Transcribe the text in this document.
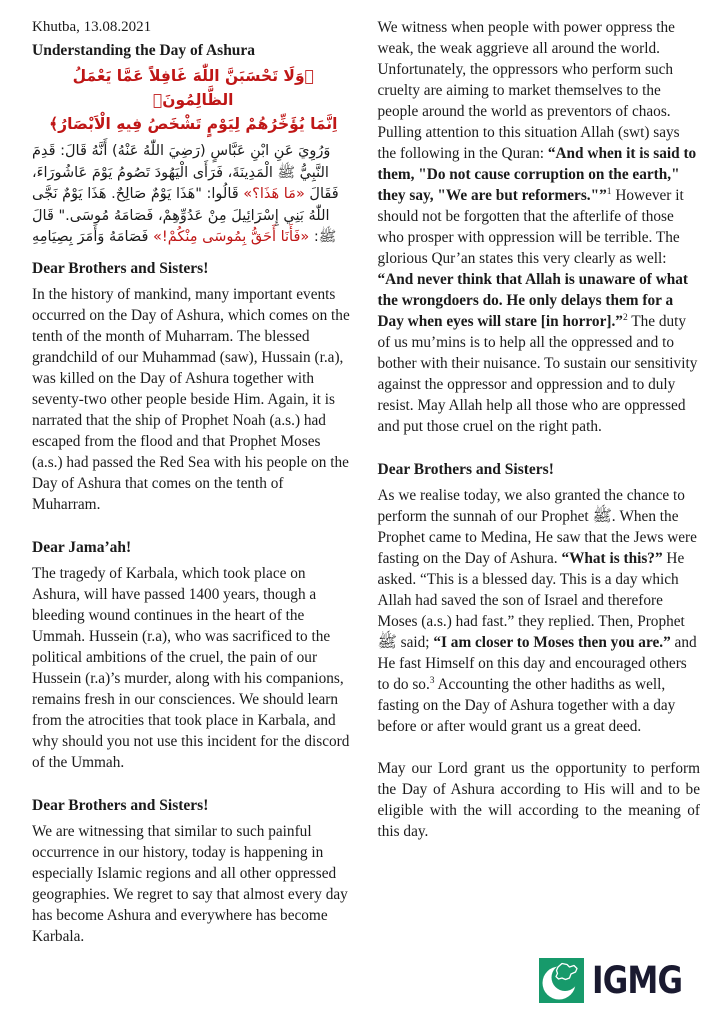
Khutba, 13.08.2021
Understanding the Day of Ashura
﴿وَلَا تَحْسَبَنَّ اللّٰهَ غَافِلاً عَمَّا يَعْمَلُ الظَّالِمُونَۚ
اِنَّمَا يُؤَخِّرُهُمْ لِيَوْمٍ تَشْخَصُ فِيهِ الْاَبْصَارُ﴾

وَرُوِيَ عَنِ ابْنِ عَبَّاسٍ (رَضِيَ اللّٰهُ عَنْهُ) أَنَّهُ قَالَ: قَدِمَ النَّبِيُّ ﷺ الْمَدِينَةَ، فَرَأَى الْيَهُودَ تَصُومُ يَوْمَ عَاشُورَاءَ، فَقَالَ «مَا هَذَا؟» قَالُوا: "هَذَا يَوْمٌ صَالِحٌ. هَذَا يَوْمٌ نَجَّى اللّٰهُ بَنِي إِسْرَائِيلَ مِنْ عَدُوِّهِمْ، فَصَامَهُ مُوسَى." قَالَ ﷺ: «فَأَنَا أَحَقُّ بِمُوسَى مِنْكُمْ!» فَصَامَهُ وَأَمَرَ بِصِيَامِهِ

Dear Brothers and Sisters!

In the history of mankind, many important events occurred on the Day of Ashura, which comes on the tenth of the month of Muharram. The blessed grandchild of our Muhammad (saw), Hussain (r.a), was killed on the Day of Ashura together with seventy-two other people beside Him. Again, it is narrated that the ship of Prophet Noah (a.s.) had escaped from the flood and that Prophet Moses (a.s.) had passed the Red Sea with his people on the Day of Ashura that comes on the tenth of Muharram.

Dear Jama’ah!

The tragedy of Karbala, which took place on Ashura, will have passed 1400 years, though a bleeding wound continues in the heart of the Ummah. Hussein (r.a), who was sacrificed to the political ambitions of the cruel, the pain of our Hussein (r.a)’s murder, along with his companions, remains fresh in our consciences. We should learn from the atrocities that took place in Karbala, and why should you not use this incident for the discord of the Ummah.

Dear Brothers and Sisters!

We are witnessing that similar to such painful occurrence in our history, today is happening in especially Islamic regions and all other oppressed geographies. We regret to say that almost every day has become Ashura and everywhere has become Karbala.

We witness when people with power oppress the weak, the weak aggrieve all around the world. Unfortunately, the oppressors who perform such cruelty are aiming to market themselves to the people around the world as preventors of chaos. Pulling attention to this situation Allah (swt) says the following in the Quran: “And when it is said to them, "Do not cause corruption on the earth," they say, "We are but reformers."”$^1$ However it should not be forgotten that the afterlife of those who prosper with oppression will be terrible. The glorious Qur’an states this very clearly as well: “And never think that Allah is unaware of what the wrongdoers do. He only delays them for a Day when eyes will stare [in horror].”$^2$ The duty of us mu’mins is to help all the oppressed and to bother with their nuisance. To sustain our sensitivity against the oppressor and oppression and to duly resist. May Allah help all those who are oppressed and put those cruel on the right path.

Dear Brothers and Sisters!

As we realise today, we also granted the chance to perform the sunnah of our Prophet ﷺ. When the Prophet came to Medina, He saw that the Jews were fasting on the Day of Ashura. “What is this?” He asked. “This is a blessed day. This is a day which Allah had saved the son of Israel and therefore Moses (a.s.) had fast.” they replied. Then, Prophet ﷺ said; “I am closer to Moses then you are.” and He fast Himself on this day and encouraged others to do so.$^3$ Accounting the other hadiths as well, fasting on the Day of Ashura together with a day before or after would grant us a great deed.

May our Lord grant us the opportunity to perform the Day of Ashura according to His will and to be eligible with the will according to the meaning of this day.

IGMG
